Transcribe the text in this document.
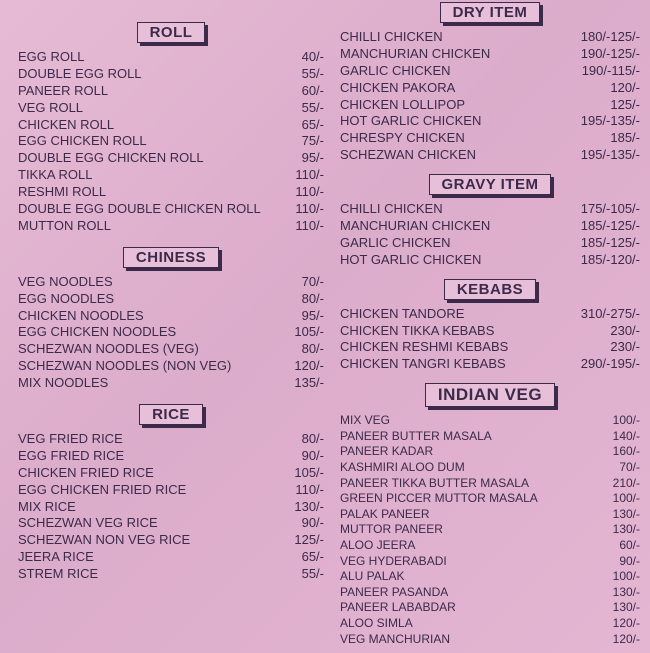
ROLL
EGG ROLL	40/-
DOUBLE EGG ROLL	55/-
PANEER ROLL	60/-
VEG ROLL	55/-
CHICKEN ROLL	65/-
EGG CHICKEN ROLL	75/-
DOUBLE EGG CHICKEN ROLL	95/-
TIKKA ROLL	110/-
RESHMI ROLL	110/-
DOUBLE EGG DOUBLE CHICKEN ROLL	110/-
MUTTON ROLL	110/-
CHINESS
VEG NOODLES	70/-
EGG NOODLES	80/-
CHICKEN NOODLES	95/-
EGG CHICKEN NOODLES	105/-
SCHEZWAN NOODLES (VEG)	80/-
SCHEZWAN NOODLES (NON VEG)	120/-
MIX NOODLES	135/-
RICE
VEG FRIED RICE	80/-
EGG FRIED RICE	90/-
CHICKEN FRIED RICE	105/-
EGG CHICKEN FRIED RICE	110/-
MIX RICE	130/-
SCHEZWAN VEG RICE	90/-
SCHEZWAN NON VEG RICE	125/-
JEERA RICE	65/-
STREM RICE	55/-
DRY ITEM
CHILLI CHICKEN	180/-125/-
MANCHURIAN CHICKEN	190/-125/-
GARLIC CHICKEN	190/-115/-
CHICKEN PAKORA	120/-
CHICKEN LOLLIPOP	125/-
HOT GARLIC CHICKEN	195/-135/-
CHRESPY CHICKEN	185/-
SCHEZWAN CHICKEN	195/-135/-
GRAVY ITEM
CHILLI CHICKEN	175/-105/-
MANCHURIAN CHICKEN	185/-125/-
GARLIC CHICKEN	185/-125/-
HOT GARLIC CHICKEN	185/-120/-
KEBABS
CHICKEN TANDORE	310/-275/-
CHICKEN TIKKA KEBABS	230/-
CHICKEN RESHMI KEBABS	230/-
CHICKEN TANGRI KEBABS	290/-195/-
INDIAN VEG
MIX VEG	100/-
PANEER BUTTER MASALA	140/-
PANEER KADAR	160/-
KASHMIRI ALOO DUM	70/-
PANEER TIKKA BUTTER MASALA	210/-
GREEN PICCER MUTTOR MASALA	100/-
PALAK PANEER	130/-
MUTTOR PANEER	130/-
ALOO JEERA	60/-
VEG HYDERABADI	90/-
ALU PALAK	100/-
PANEER PASANDA	130/-
PANEER LABABDAR	130/-
ALOO SIMLA	120/-
VEG MANCHURIAN	120/-
